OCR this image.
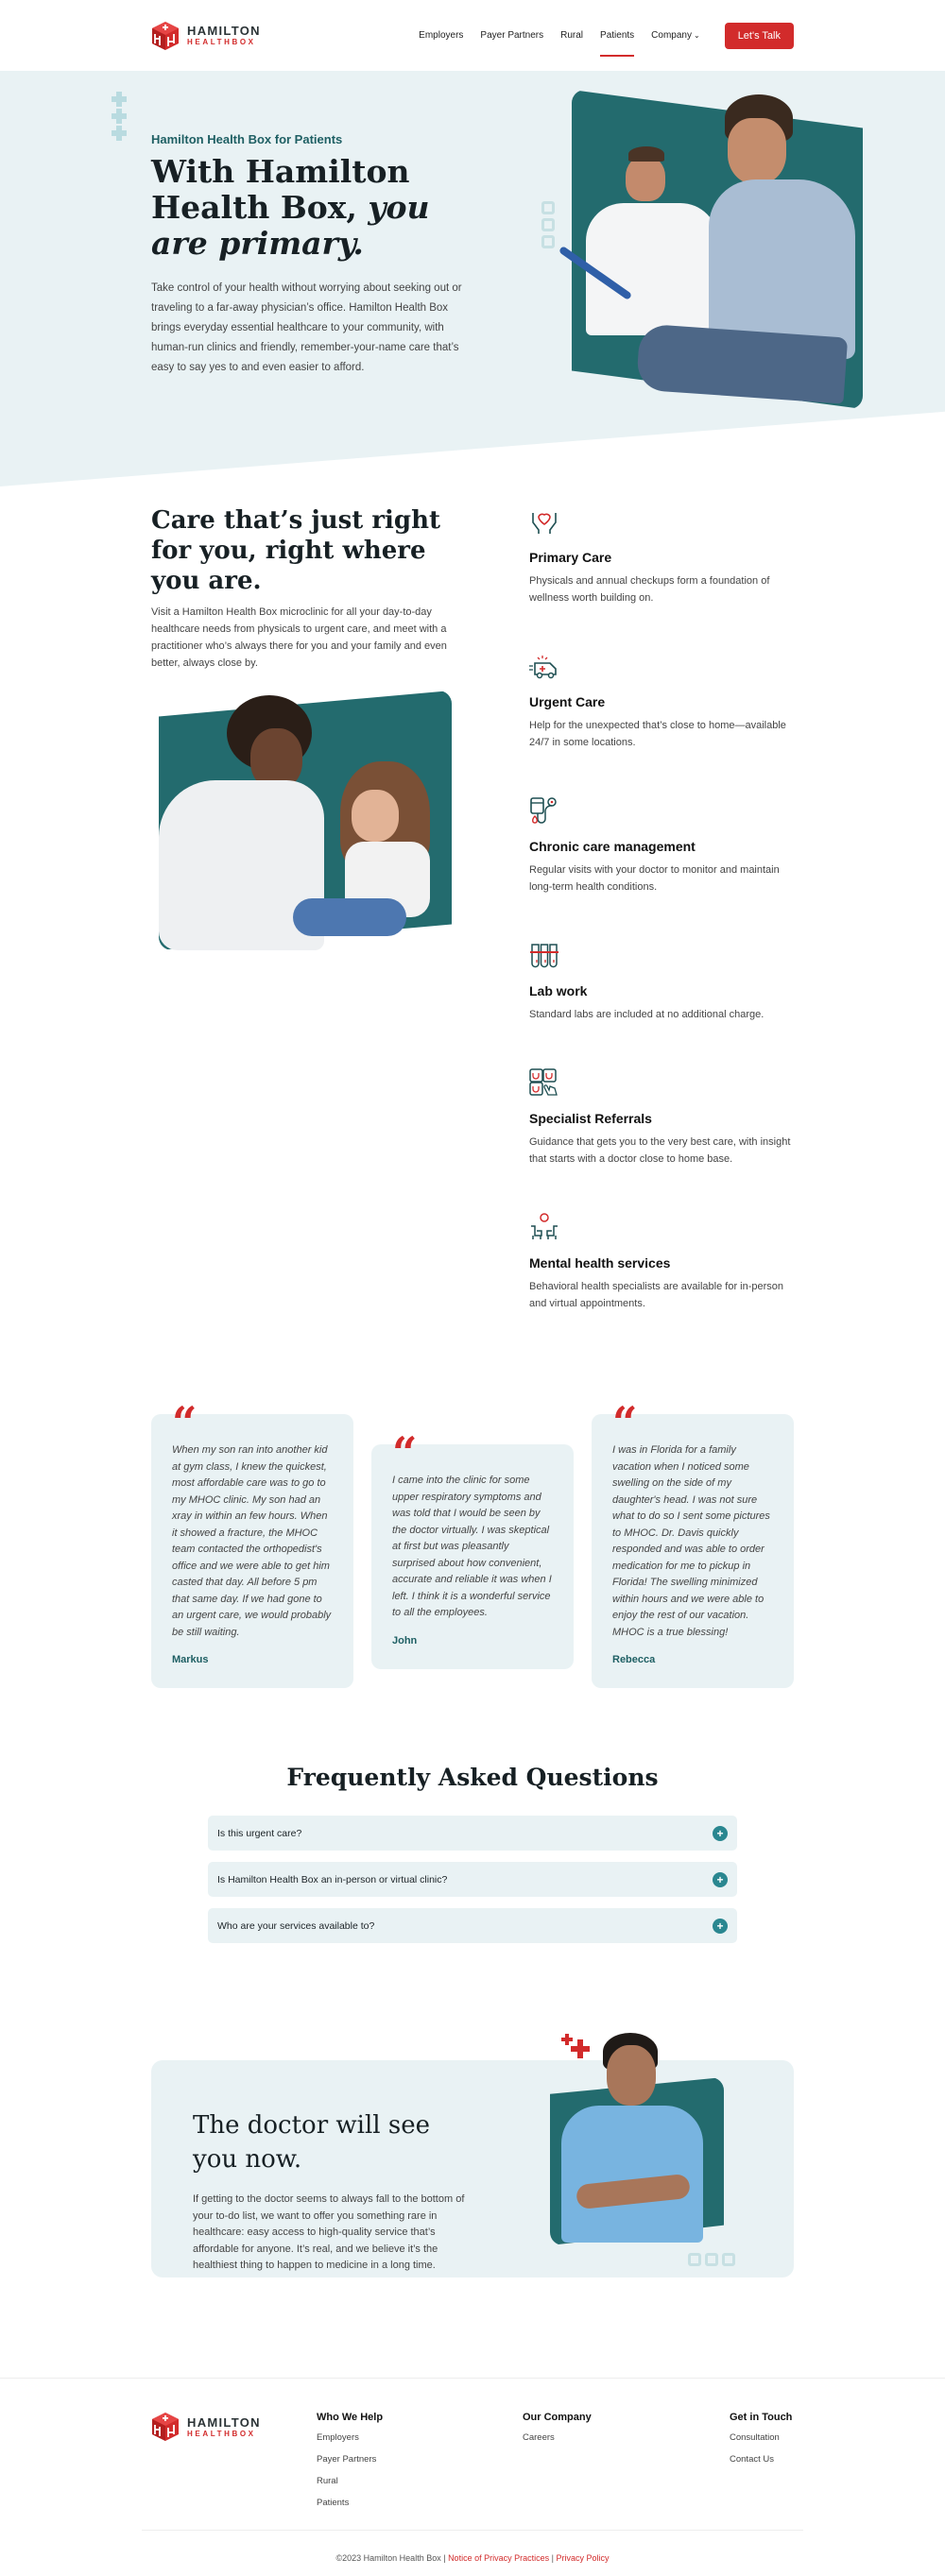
HAMILTON
HEALTHBOX
Employers Payer Partners Rural Patients Company ⌄	Let's Talk
Hamilton Health Box for Patients
With Hamilton Health Box, you are primary.

Take control of your health without worrying about seeking out or traveling to a far-away physician’s office. Hamilton Health Box brings everyday essential healthcare to your community, with human-run clinics and friendly, remember-your-name care that’s easy to say yes to and even easier to afford.

Care that’s just right for you, right where you are.

Visit a Hamilton Health Box microclinic for all your day-to-day healthcare needs from physicals to urgent care, and meet with a practitioner who’s always there for you and your family and even better, always close by.

Primary Care

Physicals and annual checkups form a foundation of wellness worth building on.

Urgent Care

Help for the unexpected that’s close to home—available 24/7 in some locations.

Chronic care management

Regular visits with your doctor to monitor and maintain long-term health conditions.

Lab work

Standard labs are included at no additional charge.

Specialist Referrals

Guidance that gets you to the very best care, with insight that starts with a doctor close to home base.

Mental health services

Behavioral health specialists are available for in-person and virtual appointments.

“

When my son ran into another kid at gym class, I knew the quickest, most affordable care was to go to my MHOC clinic. My son had an xray in within an few hours. When it showed a fracture, the MHOC team contacted the orthopedist's office and we were able to get him casted that day. All before 5 pm that same day. If we had gone to an urgent care, we would probably be still waiting.

Markus
“

I came into the clinic for some upper respiratory symptoms and was told that I would be seen by the doctor virtually. I was skeptical at first but was pleasantly surprised about how convenient, accurate and reliable it was when I left. I think it is a wonderful service to all the employees.

John
“

I was in Florida for a family vacation when I noticed some swelling on the side of my daughter's head. I was not sure what to do so I sent some pictures to MHOC. Dr. Davis quickly responded and was able to order medication for me to pickup in Florida! The swelling minimized within hours and we were able to enjoy the rest of our vacation. MHOC is a true blessing!

Rebecca
Frequently Asked Questions
Is this urgent care?	+
Is Hamilton Health Box an in-person or virtual clinic?	+
Who are your services available to?	+
The doctor will see you now.

If getting to the doctor seems to always fall to the bottom of your to-do list, we want to offer you something rare in healthcare: easy access to high-quality service that’s affordable for anyone. It’s real, and we believe it’s the healthiest thing to happen to medicine in a long time.

HAMILTON
HEALTHBOX
Who We Help
Employers
Payer Partners
Rural
Patients
Our Company
Careers
Get in Touch
Consultation
Contact Us
©2023 Hamilton Health Box | Notice of Privacy Practices | Privacy Policy
